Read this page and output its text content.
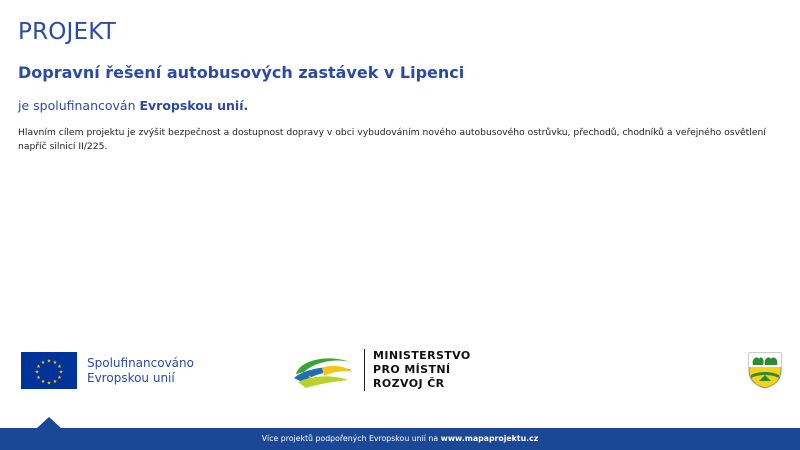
PROJEKT
Dopravní řešení autobusových zastávek v Lipenci
je spolufinancován Evropskou unií.
Hlavním cílem projektu je zvýšit bezpečnost a dostupnost dopravy v obci vybudováním nového autobusového ostrůvku, přechodů, chodníků a veřejného osvětlení napříč silnicí II/225.
★ ★
★
★
★
★
★
★
★
★
★
★	Spolufinancováno
Evropskou unií	★ ★ ★
MINISTERSTVO
PRO MÍSTNÍ
ROZVOJ ČR
Více projektů podpořených Evropskou unií na www.mapaprojektu.cz
